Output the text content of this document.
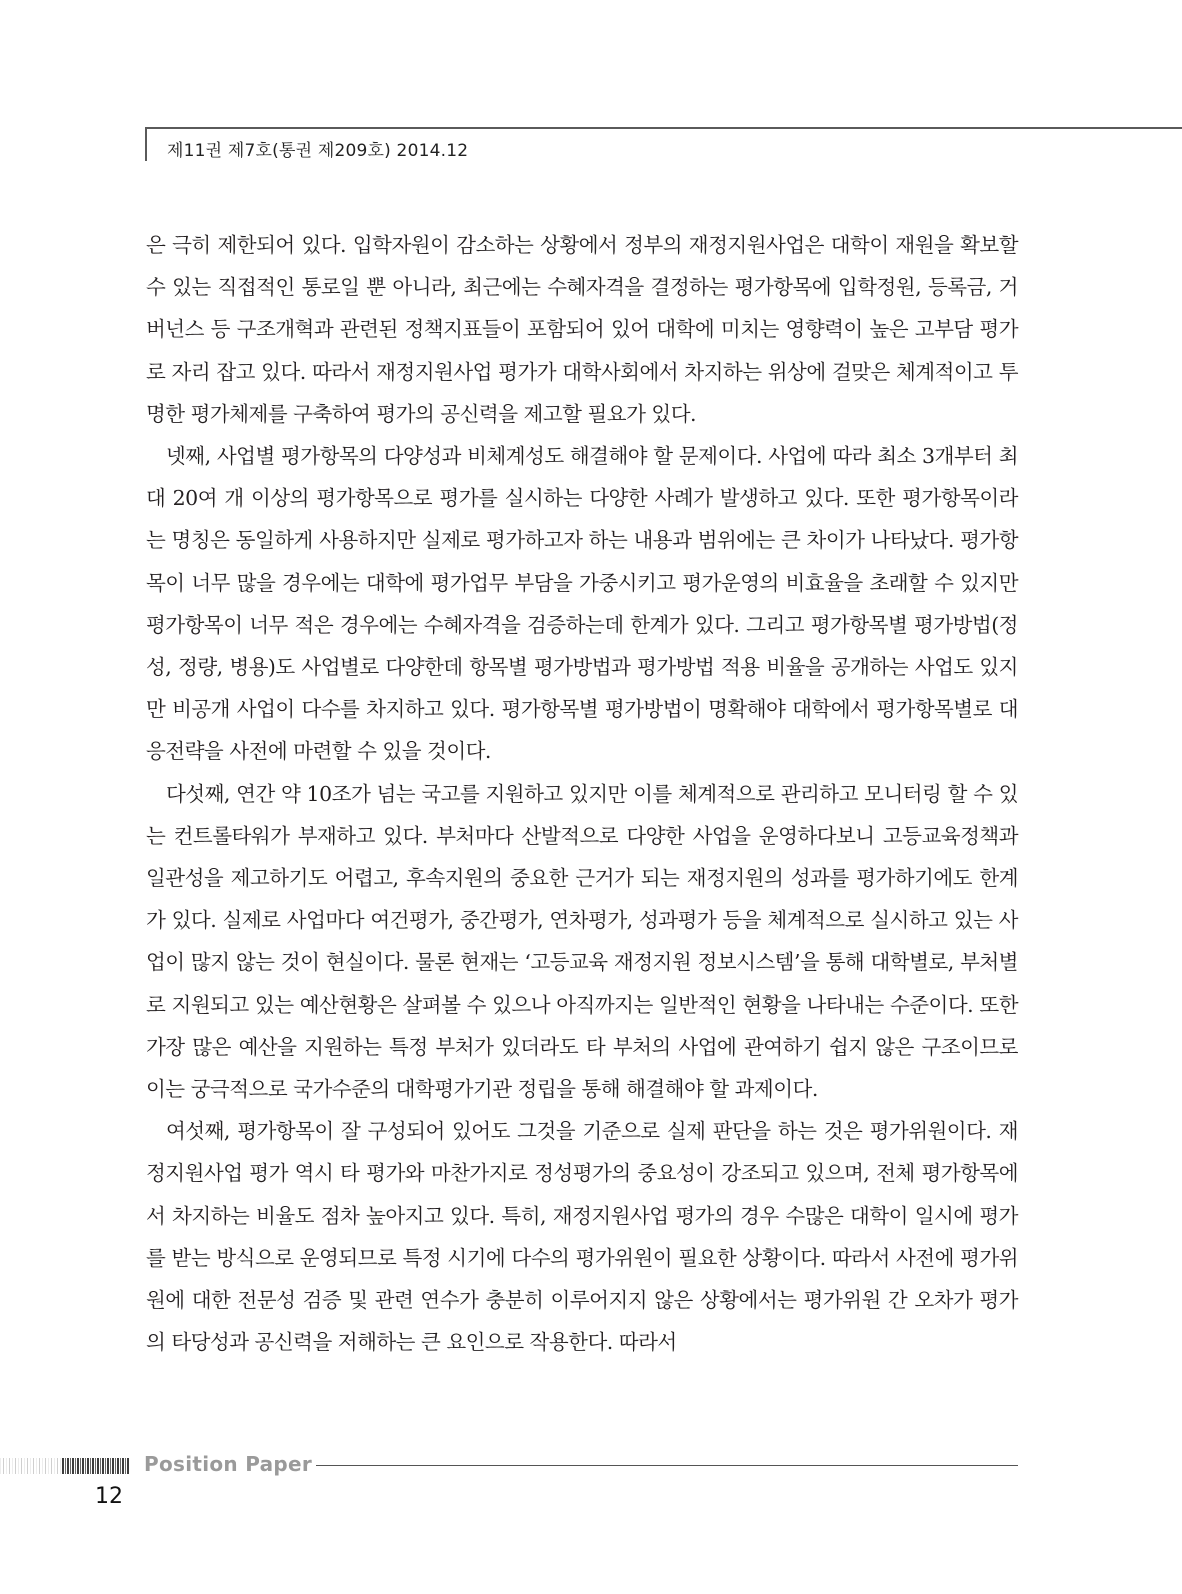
제11권 제7호(통권 제209호) 2014.12

은 극히 제한되어 있다. 입학자원이 감소하는 상황에서 정부의 재정지원사업은 대학이 재원을 확보할 수 있는 직접적인 통로일 뿐 아니라, 최근에는 수혜자격을 결정하는 평가항목에 입학정원, 등록금, 거버넌스 등 구조개혁과 관련된 정책지표들이 포함되어 있어 대학에 미치는 영향력이 높은 고부담 평가로 자리 잡고 있다. 따라서 재정지원사업 평가가 대학사회에서 차지하는 위상에 걸맞은 체계적이고 투명한 평가체제를 구축하여 평가의 공신력을 제고할 필요가 있다.

넷째, 사업별 평가항목의 다양성과 비체계성도 해결해야 할 문제이다. 사업에 따라 최소 3개부터 최대 20여 개 이상의 평가항목으로 평가를 실시하는 다양한 사례가 발생하고 있다. 또한 평가항목이라는 명칭은 동일하게 사용하지만 실제로 평가하고자 하는 내용과 범위에는 큰 차이가 나타났다. 평가항목이 너무 많을 경우에는 대학에 평가업무 부담을 가중시키고 평가운영의 비효율을 초래할 수 있지만 평가항목이 너무 적은 경우에는 수혜자격을 검증하는데 한계가 있다. 그리고 평가항목별 평가방법(정성, 정량, 병용)도 사업별로 다양한데 항목별 평가방법과 평가방법 적용 비율을 공개하는 사업도 있지만 비공개 사업이 다수를 차지하고 있다. 평가항목별 평가방법이 명확해야 대학에서 평가항목별로 대응전략을 사전에 마련할 수 있을 것이다.

다섯째, 연간 약 10조가 넘는 국고를 지원하고 있지만 이를 체계적으로 관리하고 모니터링 할 수 있는 컨트롤타워가 부재하고 있다. 부처마다 산발적으로 다양한 사업을 운영하다보니 고등교육정책과 일관성을 제고하기도 어렵고, 후속지원의 중요한 근거가 되는 재정지원의 성과를 평가하기에도 한계가 있다. 실제로 사업마다 여건평가, 중간평가, 연차평가, 성과평가 등을 체계적으로 실시하고 있는 사업이 많지 않는 것이 현실이다. 물론 현재는 ‘고등교육 재정지원 정보시스템’을 통해 대학별로, 부처별로 지원되고 있는 예산현황은 살펴볼 수 있으나 아직까지는 일반적인 현황을 나타내는 수준이다. 또한 가장 많은 예산을 지원하는 특정 부처가 있더라도 타 부처의 사업에 관여하기 쉽지 않은 구조이므로 이는 궁극적으로 국가수준의 대학평가기관 정립을 통해 해결해야 할 과제이다.

여섯째, 평가항목이 잘 구성되어 있어도 그것을 기준으로 실제 판단을 하는 것은 평가위원이다. 재정지원사업 평가 역시 타 평가와 마찬가지로 정성평가의 중요성이 강조되고 있으며, 전체 평가항목에서 차지하는 비율도 점차 높아지고 있다. 특히, 재정지원사업 평가의 경우 수많은 대학이 일시에 평가를 받는 방식으로 운영되므로 특정 시기에 다수의 평가위원이 필요한 상황이다. 따라서 사전에 평가위원에 대한 전문성 검증 및 관련 연수가 충분히 이루어지지 않은 상황에서는 평가위원 간 오차가 평가의 타당성과 공신력을 저해하는 큰 요인으로 작용한다. 따라서

Position Paper
12
